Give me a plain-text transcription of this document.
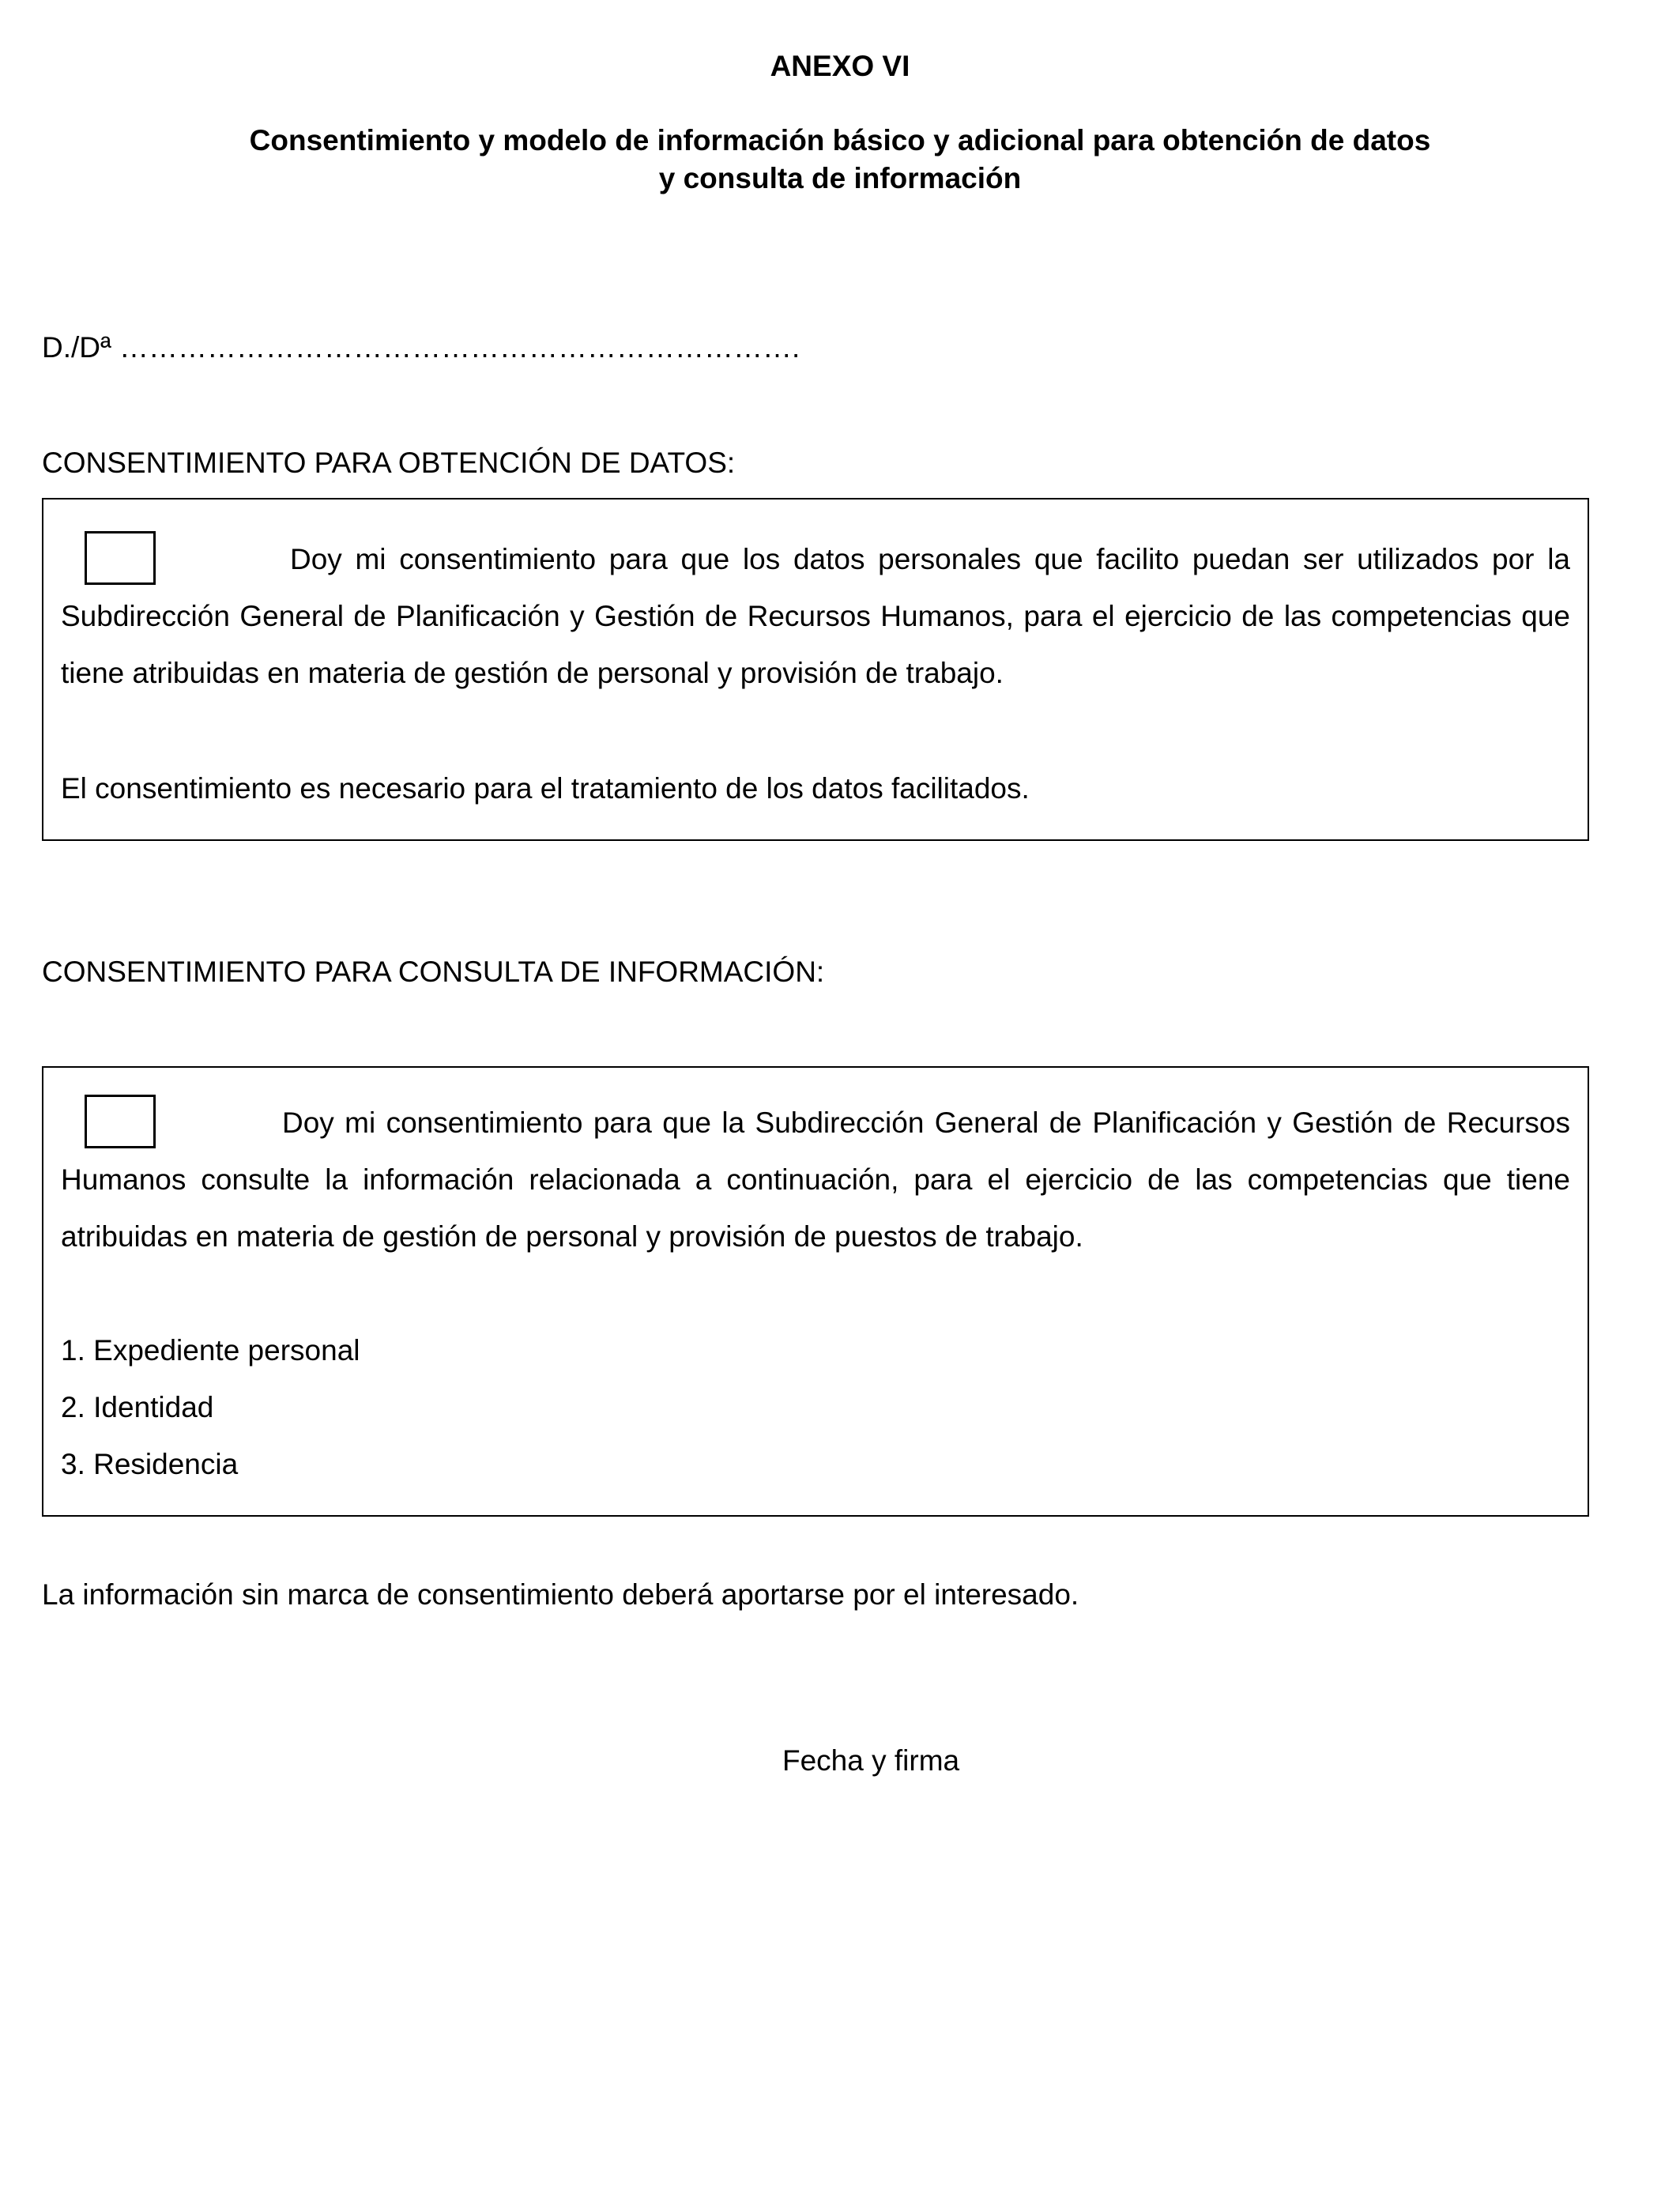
ANEXO VI
Consentimiento y modelo de información básico y adicional para obtención de datos
y consulta de información
D./Dª …………………………………………………………….
CONSENTIMIENTO PARA OBTENCIÓN DE DATOS:

Doy mi consentimiento para que los datos personales que facilito puedan ser utilizados por la Subdirección General de Planificación y Gestión de Recursos Humanos, para el ejercicio de las competencias que tiene atribuidas en materia de gestión de personal y provisión de trabajo.

El consentimiento es necesario para el tratamiento de los datos facilitados.

CONSENTIMIENTO PARA CONSULTA DE INFORMACIÓN:

Doy mi consentimiento para que la Subdirección General de Planificación y Gestión de Recursos Humanos consulte la información relacionada a continuación, para el ejercicio de las competencias que tiene atribuidas en materia de gestión de personal y provisión de puestos de trabajo.

1. Expediente personal
2. Identidad
3. Residencia

La información sin marca de consentimiento deberá aportarse por el interesado.

Fecha y firma
